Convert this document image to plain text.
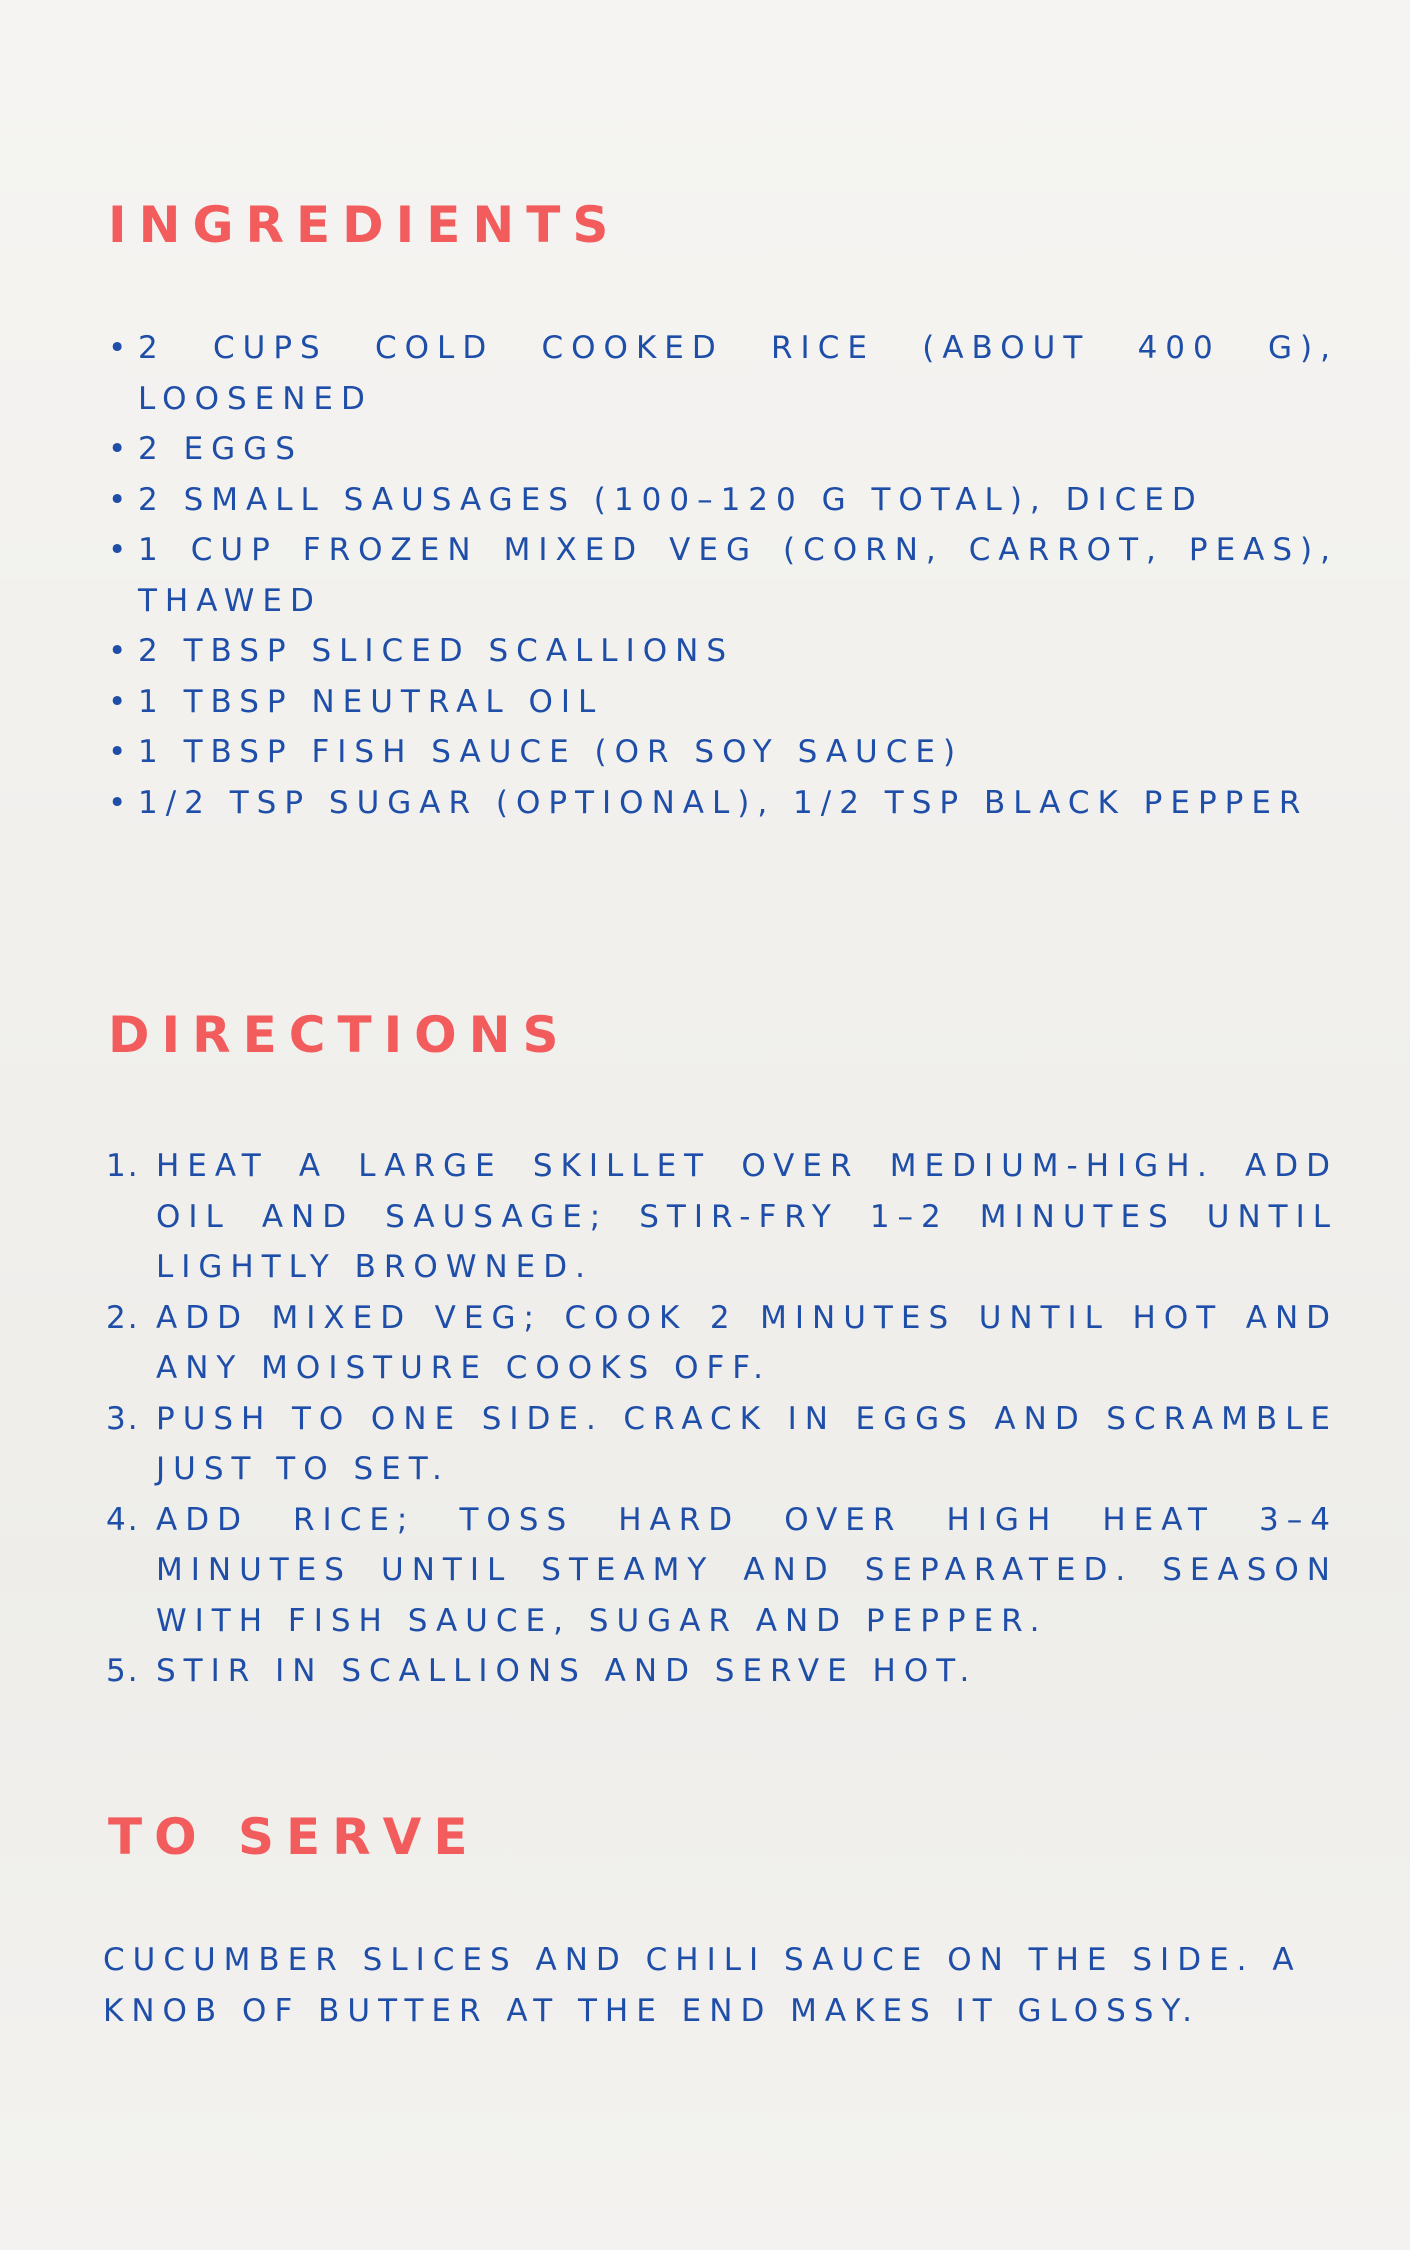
INGREDIENTS
• 2 CUPS COLD COOKED RICE (ABOUT 400 G), LOOSENED
• 2 EGGS
• 2 SMALL SAUSAGES (100–120 G TOTAL), DICED
• 1 CUP FROZEN MIXED VEG (CORN, CARROT, PEAS), THAWED
• 2 TBSP SLICED SCALLIONS
• 1 TBSP NEUTRAL OIL
• 1 TBSP FISH SAUCE (OR SOY SAUCE)
• 1/2 TSP SUGAR (OPTIONAL), 1/2 TSP BLACK PEPPER
DIRECTIONS
1. HEAT A LARGE SKILLET OVER MEDIUM-HIGH. ADD OIL AND SAUSAGE; STIR-FRY 1–2 MINUTES UNTIL LIGHTLY BROWNED.
2. ADD MIXED VEG; COOK 2 MINUTES UNTIL HOT AND ANY MOISTURE COOKS OFF.
3. PUSH TO ONE SIDE. CRACK IN EGGS AND SCRAMBLE JUST TO SET.
4. ADD RICE; TOSS HARD OVER HIGH HEAT 3–4 MINUTES UNTIL STEAMY AND SEPARATED. SEASON WITH FISH SAUCE, SUGAR AND PEPPER.
5. STIR IN SCALLIONS AND SERVE HOT.
TO SERVE

CUCUMBER SLICES AND CHILI SAUCE ON THE SIDE. A KNOB OF BUTTER AT THE END MAKES IT GLOSSY.
